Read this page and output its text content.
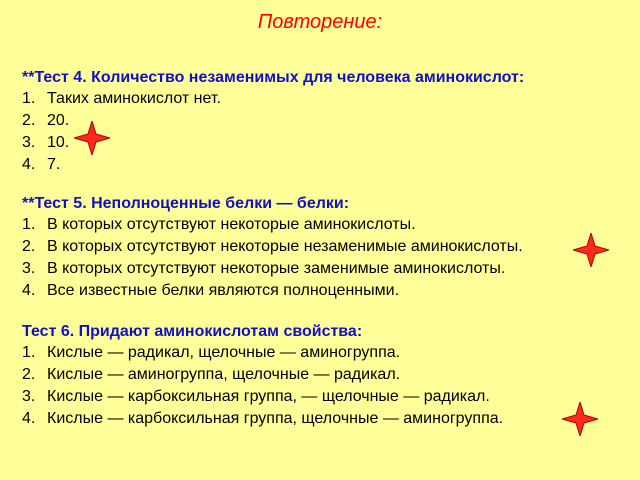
Повторение:
**Тест 4. Количество незаменимых для человека аминокислот:
1. Таких аминокислот нет.
2. 20.
3. 10.
4. 7.
**Тест 5. Неполноценные белки — белки:
1. В которых отсутствуют некоторые аминокислоты.
2. В которых отсутствуют некоторые незаменимые аминокислоты.
3. В которых отсутствуют некоторые заменимые аминокислоты.
4. Все известные белки являются полноценными.
Тест 6. Придают аминокислотам свойства:
1. Кислые — радикал, щелочные — аминогруппа.
2. Кислые — аминогруппа, щелочные — радикал.
3. Кислые — карбоксильная группа, — щелочные — радикал.
4. Кислые — карбоксильная группа, щелочные — аминогруппа.
